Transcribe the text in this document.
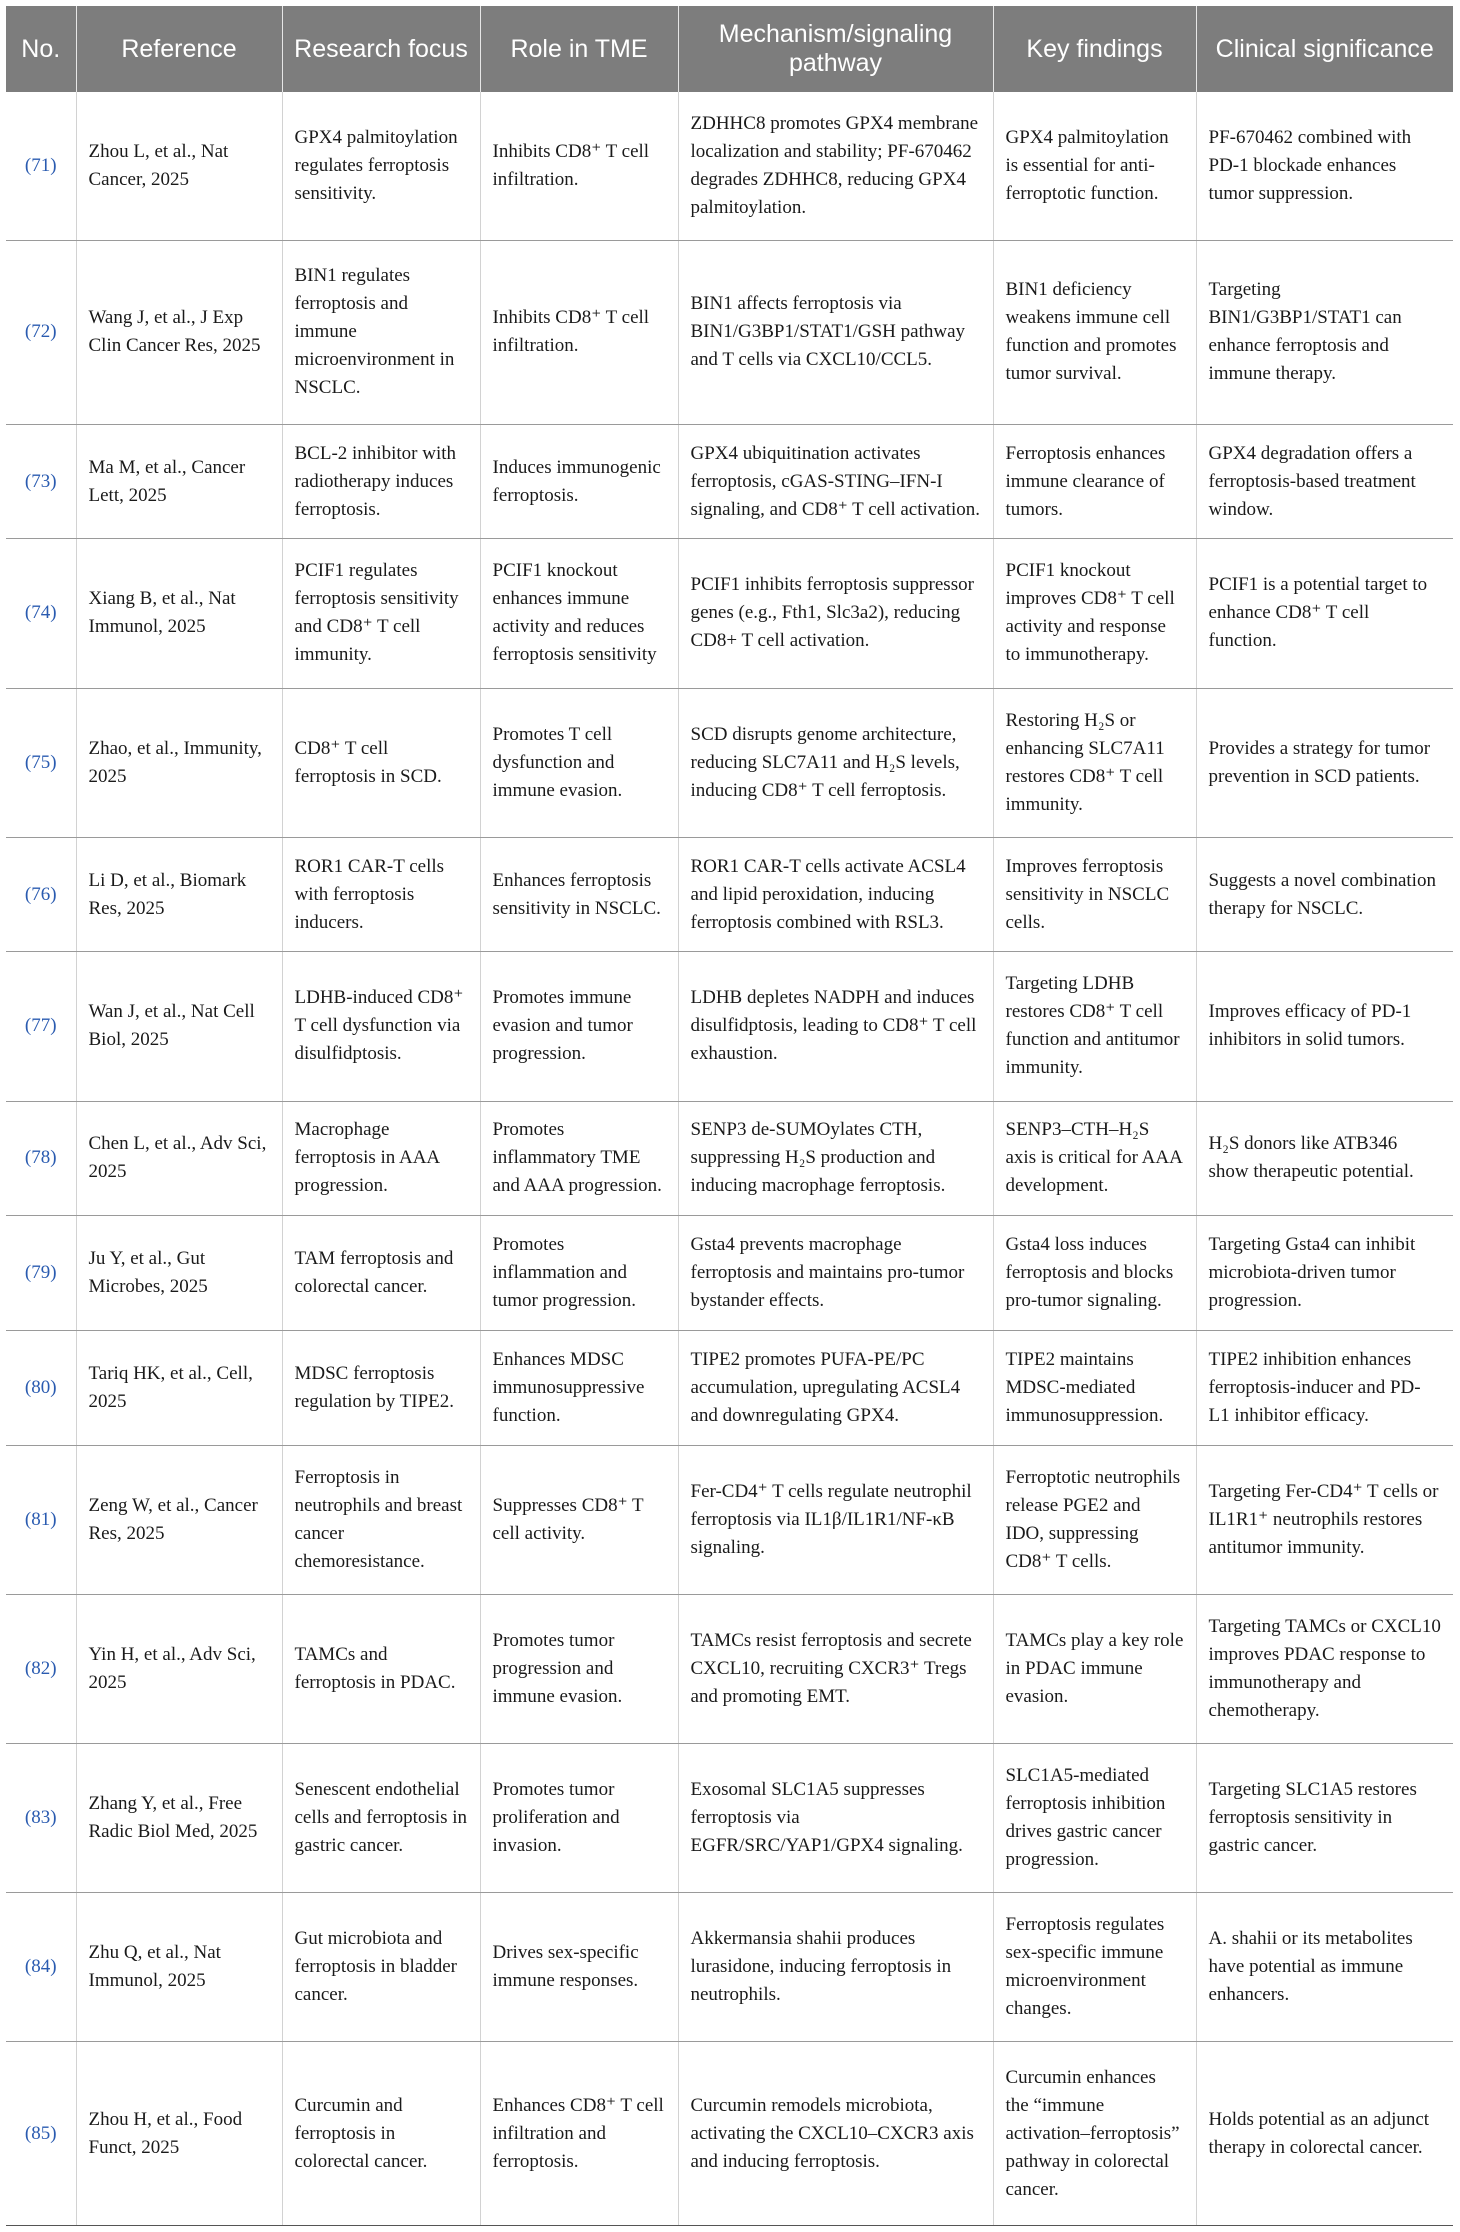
No.	Reference	Research focus	Role in TME	Mechanism/signaling pathway	Key findings	Clinical significance
(71)	Zhou L, et al., Nat Cancer, 2025	GPX4 palmitoylation regulates ferroptosis sensitivity.	Inhibits CD8⁺ T cell infiltration.	ZDHHC8 promotes GPX4 membrane localization and stability; PF-670462 degrades ZDHHC8, reducing GPX4 palmitoylation.	GPX4 palmitoylation is essential for anti-ferroptotic function.	PF-670462 combined with PD-1 blockade enhances tumor suppression.
(72)	Wang J, et al., J Exp Clin Cancer Res, 2025	BIN1 regulates ferroptosis and immune microenvironment in NSCLC.	Inhibits CD8⁺ T cell infiltration.	BIN1 affects ferroptosis via BIN1/G3BP1/STAT1/GSH pathway and T cells via CXCL10/CCL5.	BIN1 deficiency weakens immune cell function and promotes tumor survival.	Targeting BIN1/G3BP1/STAT1 can enhance ferroptosis and immune therapy.
(73)	Ma M, et al., Cancer Lett, 2025	BCL-2 inhibitor with radiotherapy induces ferroptosis.	Induces immunogenic ferroptosis.	GPX4 ubiquitination activates ferroptosis, cGAS-STING–IFN-I signaling, and CD8⁺ T cell activation.	Ferroptosis enhances immune clearance of tumors.	GPX4 degradation offers a ferroptosis-based treatment window.
(74)	Xiang B, et al., Nat Immunol, 2025	PCIF1 regulates ferroptosis sensitivity and CD8⁺ T cell immunity.	PCIF1 knockout enhances immune activity and reduces ferroptosis sensitivity	PCIF1 inhibits ferroptosis suppressor genes (e.g., Fth1, Slc3a2), reducing CD8+ T cell activation.	PCIF1 knockout improves CD8⁺ T cell activity and response to immunotherapy.	PCIF1 is a potential target to enhance CD8⁺ T cell function.
(75)	Zhao, et al., Immunity, 2025	CD8⁺ T cell ferroptosis in SCD.	Promotes T cell dysfunction and immune evasion.	SCD disrupts genome architecture, reducing SLC7A11 and H₂S levels, inducing CD8⁺ T cell ferroptosis.	Restoring H₂S or enhancing SLC7A11 restores CD8⁺ T cell immunity.	Provides a strategy for tumor prevention in SCD patients.
(76)	Li D, et al., Biomark Res, 2025	ROR1 CAR-T cells with ferroptosis inducers.	Enhances ferroptosis sensitivity in NSCLC.	ROR1 CAR-T cells activate ACSL4 and lipid peroxidation, inducing ferroptosis combined with RSL3.	Improves ferroptosis sensitivity in NSCLC cells.	Suggests a novel combination therapy for NSCLC.
(77)	Wan J, et al., Nat Cell Biol, 2025	LDHB-induced CD8⁺ T cell dysfunction via disulfidptosis.	Promotes immune evasion and tumor progression.	LDHB depletes NADPH and induces disulfidptosis, leading to CD8⁺ T cell exhaustion.	Targeting LDHB restores CD8⁺ T cell function and antitumor immunity.	Improves efficacy of PD-1 inhibitors in solid tumors.
(78)	Chen L, et al., Adv Sci, 2025	Macrophage ferroptosis in AAA progression.	Promotes inflammatory TME and AAA progression.	SENP3 de-SUMOylates CTH, suppressing H₂S production and inducing macrophage ferroptosis.	SENP3–CTH–H₂S axis is critical for AAA development.	H₂S donors like ATB346 show therapeutic potential.
(79)	Ju Y, et al., Gut Microbes, 2025	TAM ferroptosis and colorectal cancer.	Promotes inflammation and tumor progression.	Gsta4 prevents macrophage ferroptosis and maintains pro-tumor bystander effects.	Gsta4 loss induces ferroptosis and blocks pro-tumor signaling.	Targeting Gsta4 can inhibit microbiota-driven tumor progression.
(80)	Tariq HK, et al., Cell, 2025	MDSC ferroptosis regulation by TIPE2.	Enhances MDSC immunosuppressive function.	TIPE2 promotes PUFA-PE/PC accumulation, upregulating ACSL4 and downregulating GPX4.	TIPE2 maintains MDSC-mediated immunosuppression.	TIPE2 inhibition enhances ferroptosis-inducer and PD-L1 inhibitor efficacy.
(81)	Zeng W, et al., Cancer Res, 2025	Ferroptosis in neutrophils and breast cancer chemoresistance.	Suppresses CD8⁺ T cell activity.	Fer-CD4⁺ T cells regulate neutrophil ferroptosis via IL1β/IL1R1/NF-κB signaling.	Ferroptotic neutrophils release PGE2 and IDO, suppressing CD8⁺ T cells.	Targeting Fer-CD4⁺ T cells or IL1R1⁺ neutrophils restores antitumor immunity.
(82)	Yin H, et al., Adv Sci, 2025	TAMCs and ferroptosis in PDAC.	Promotes tumor progression and immune evasion.	TAMCs resist ferroptosis and secrete CXCL10, recruiting CXCR3⁺ Tregs and promoting EMT.	TAMCs play a key role in PDAC immune evasion.	Targeting TAMCs or CXCL10 improves PDAC response to immunotherapy and chemotherapy.
(83)	Zhang Y, et al., Free Radic Biol Med, 2025	Senescent endothelial cells and ferroptosis in gastric cancer.	Promotes tumor proliferation and invasion.	Exosomal SLC1A5 suppresses ferroptosis via EGFR/SRC/YAP1/GPX4 signaling.	SLC1A5-mediated ferroptosis inhibition drives gastric cancer progression.	Targeting SLC1A5 restores ferroptosis sensitivity in gastric cancer.
(84)	Zhu Q, et al., Nat Immunol, 2025	Gut microbiota and ferroptosis in bladder cancer.	Drives sex-specific immune responses.	Akkermansia shahii produces lurasidone, inducing ferroptosis in neutrophils.	Ferroptosis regulates sex-specific immune microenvironment changes.	A. shahii or its metabolites have potential as immune enhancers.
(85)	Zhou H, et al., Food Funct, 2025	Curcumin and ferroptosis in colorectal cancer.	Enhances CD8⁺ T cell infiltration and ferroptosis.	Curcumin remodels microbiota, activating the CXCL10–CXCR3 axis and inducing ferroptosis.	Curcumin enhances the “immune activation–ferroptosis” pathway in colorectal cancer.	Holds potential as an adjunct therapy in colorectal cancer.
